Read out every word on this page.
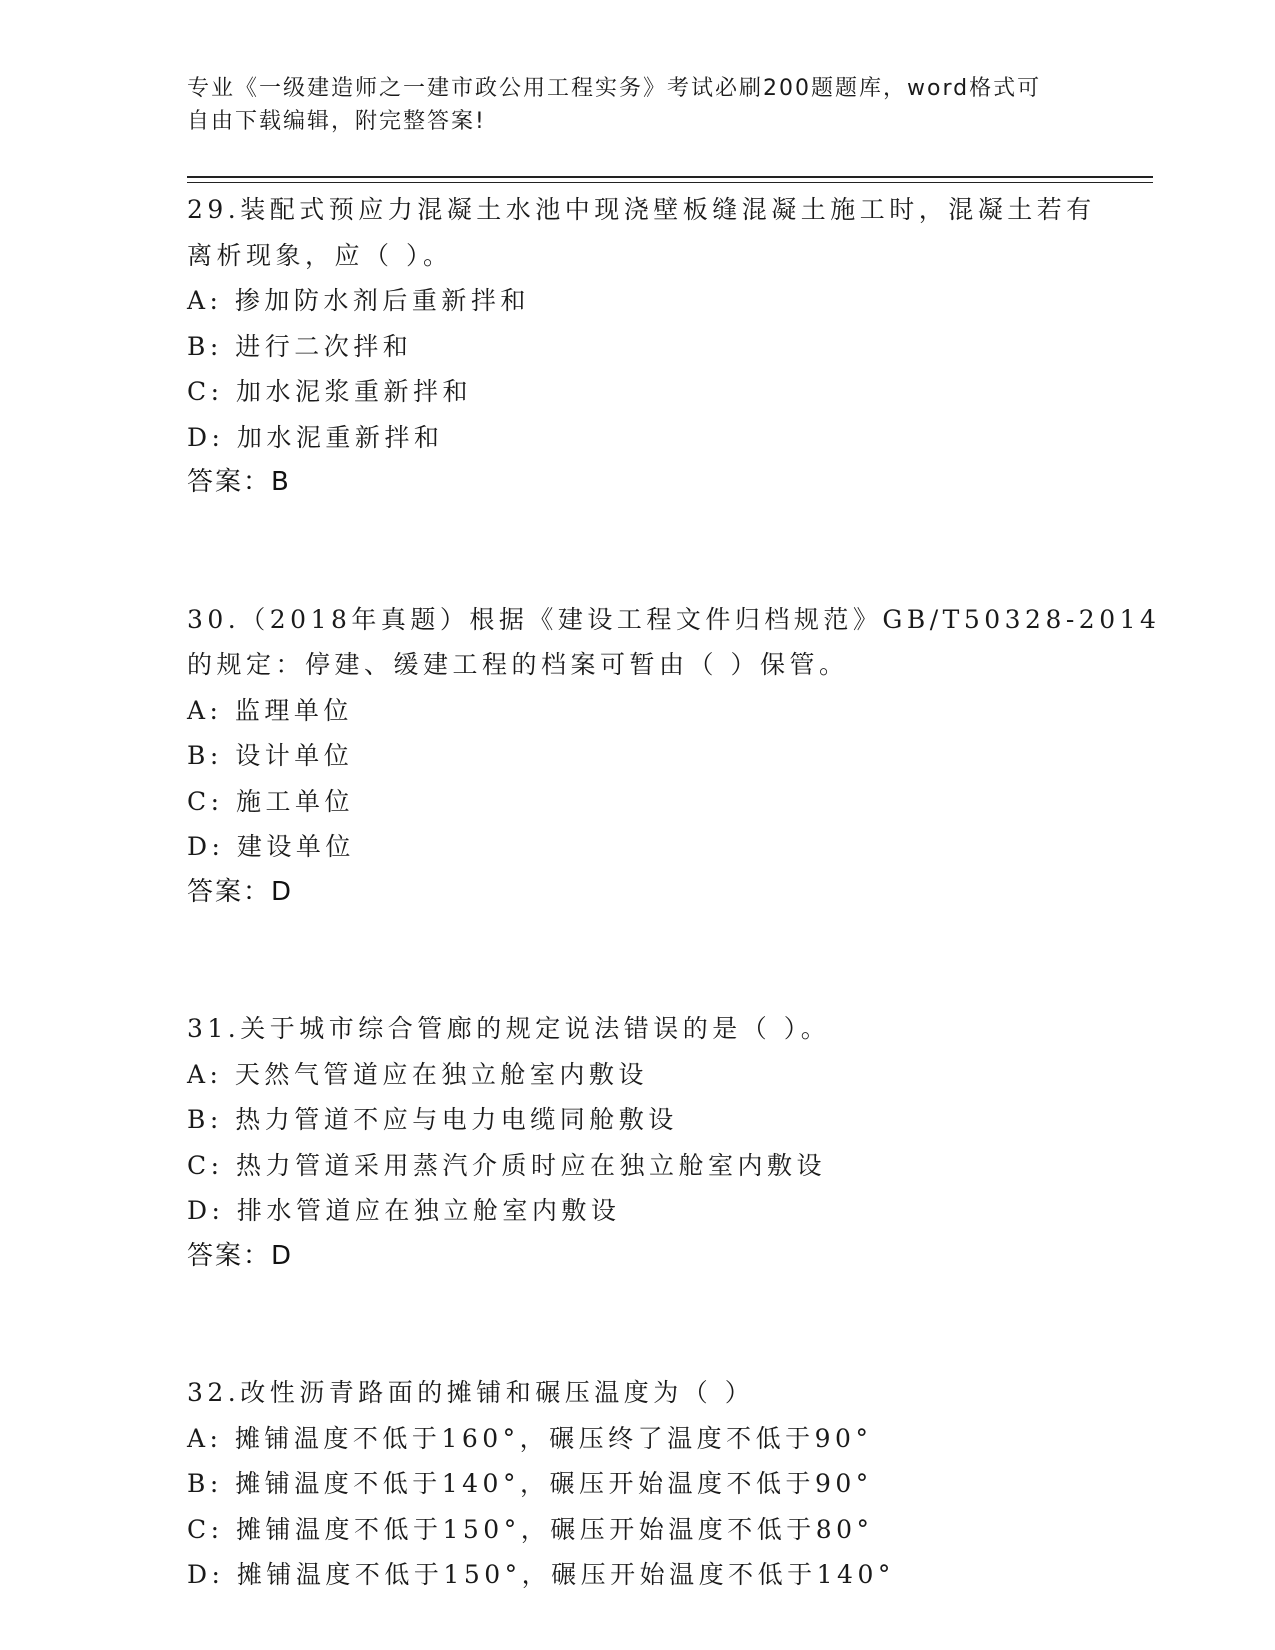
专业《一级建造师之一建市政公用工程实务》考试必刷200题题库，word格式可
自由下载编辑，附完整答案!
29.装配式预应力混凝土水池中现浇壁板缝混凝土施工时，混凝土若有
离析现象，应（ ）。
A: 掺加防水剂后重新拌和
B: 进行二次拌和
C: 加水泥浆重新拌和
D: 加水泥重新拌和
答案：B
30.（2018年真题）根据《建设工程文件归档规范》GB/T50328-2014
的规定：停建、缓建工程的档案可暂由（ ）保管。
A: 监理单位
B: 设计单位
C: 施工单位
D: 建设单位
答案：D
31.关于城市综合管廊的规定说法错误的是（ ）。
A: 天然气管道应在独立舱室内敷设
B: 热力管道不应与电力电缆同舱敷设
C: 热力管道采用蒸汽介质时应在独立舱室内敷设
D: 排水管道应在独立舱室内敷设
答案：D
32.改性沥青路面的摊铺和碾压温度为（ ）
A: 摊铺温度不低于160°，碾压终了温度不低于90°
B: 摊铺温度不低于140°，碾压开始温度不低于90°
C: 摊铺温度不低于150°，碾压开始温度不低于80°
D: 摊铺温度不低于150°，碾压开始温度不低于140°
